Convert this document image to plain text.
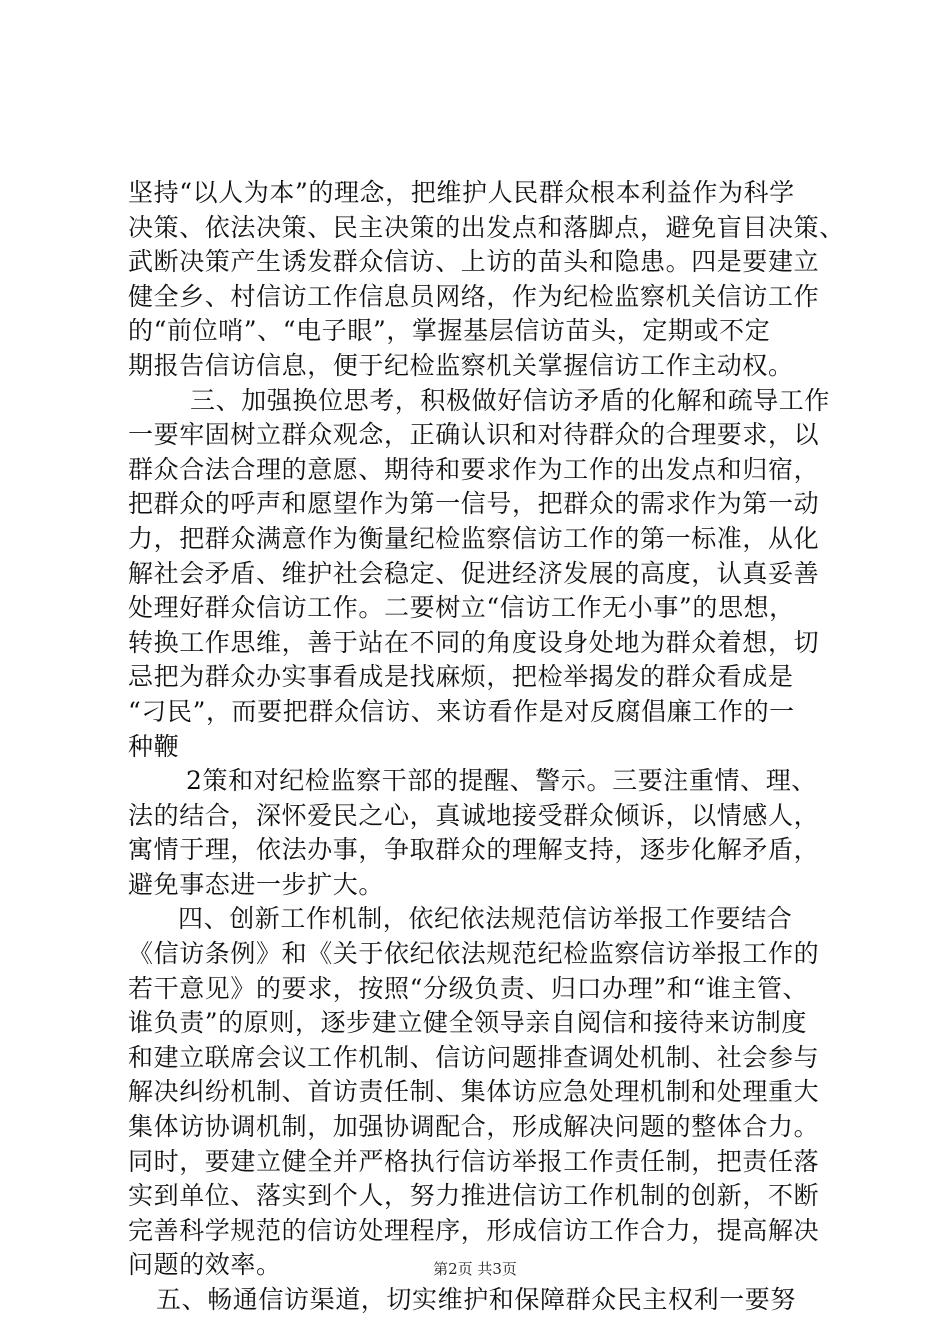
坚持“以人为本”的理念，把维护人民群众根本利益作为科学
决策、依法决策、民主决策的出发点和落脚点，避免盲目决策、
武断决策产生诱发群众信访、上访的苗头和隐患。四是要建立
健全乡、村信访工作信息员网络，作为纪检监察机关信访工作
的“前位哨”、“电子眼”，掌握基层信访苗头，定期或不定
期报告信访信息，便于纪检监察机关掌握信访工作主动权。
三、加强换位思考，积极做好信访矛盾的化解和疏导工作
一要牢固树立群众观念，正确认识和对待群众的合理要求，以
群众合法合理的意愿、期待和要求作为工作的出发点和归宿，
把群众的呼声和愿望作为第一信号，把群众的需求作为第一动
力，把群众满意作为衡量纪检监察信访工作的第一标准，从化
解社会矛盾、维护社会稳定、促进经济发展的高度，认真妥善
处理好群众信访工作。二要树立“信访工作无小事”的思想，
转换工作思维，善于站在不同的角度设身处地为群众着想，切
忌把为群众办实事看成是找麻烦，把检举揭发的群众看成是
“刁民”，而要把群众信访、来访看作是对反腐倡廉工作的一
种鞭
2策和对纪检监察干部的提醒、警示。三要注重情、理、
法的结合，深怀爱民之心，真诚地接受群众倾诉，以情感人，
寓情于理，依法办事，争取群众的理解支持，逐步化解矛盾，
避免事态进一步扩大。
四、创新工作机制，依纪依法规范信访举报工作要结合
《信访条例》和《关于依纪依法规范纪检监察信访举报工作的
若干意见》的要求，按照“分级负责、归口办理”和“谁主管、
谁负责”的原则，逐步建立健全领导亲自阅信和接待来访制度
和建立联席会议工作机制、信访问题排查调处机制、社会参与
解决纠纷机制、首访责任制、集体访应急处理机制和处理重大
集体访协调机制，加强协调配合，形成解决问题的整体合力。
同时，要建立健全并严格执行信访举报工作责任制，把责任落
实到单位、落实到个人，努力推进信访工作机制的创新，不断
完善科学规范的信访处理程序，形成信访工作合力，提高解决
问题的效率。
五、畅通信访渠道，切实维护和保障群众民主权利一要努
第2页 共3页
